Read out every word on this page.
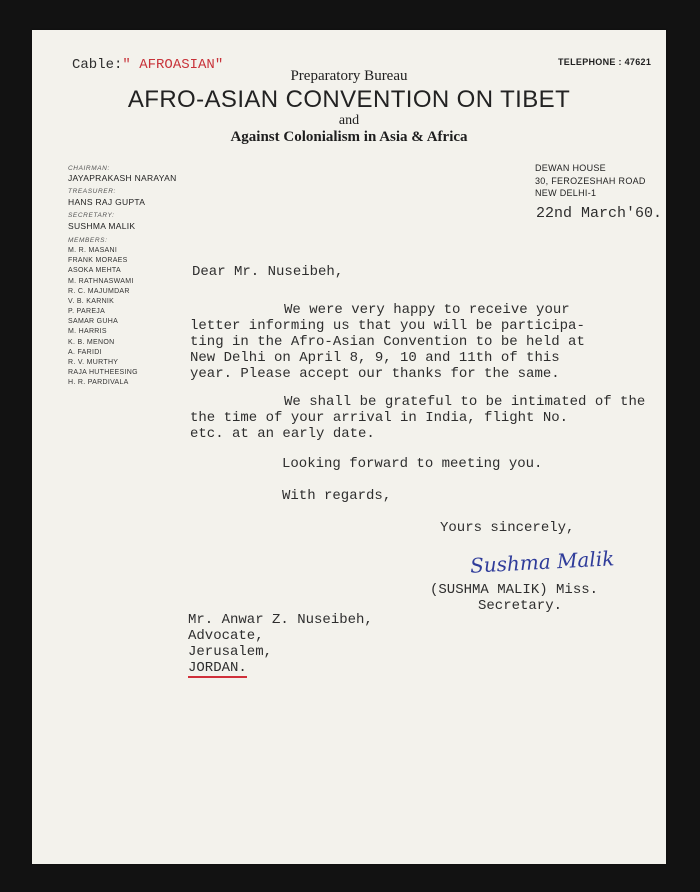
Cable:" AFROASIAN"	TELEPHONE : 47621
Preparatory Bureau
AFRO-ASIAN CONVENTION ON TIBET
and
Against Colonialism in Asia & Africa
CHAIRMAN:
JAYAPRAKASH NARAYAN
TREASURER:
HANS RAJ GUPTA
SECRETARY:
SUSHMA MALIK
MEMBERS:
M. R. MASANI
FRANK MORAES
ASOKA MEHTA
M. RATHNASWAMI
R. C. MAJUMDAR
V. B. KARNIK
P. PAREJA
SAMAR GUHA
M. HARRIS
K. B. MENON
A. FARIDI
R. V. MURTHY
RAJA HUTHEESING
H. R. PARDIVALA
DEWAN HOUSE
30, FEROZESHAH ROAD
NEW DELHI-1
22nd March'60.
Dear Mr. Nuseibeh,
We were very happy to receive your
letter informing us that you will be participa-
ting in the Afro-Asian Convention to be held at
New Delhi on April 8, 9, 10 and 11th of this
year. Please accept our thanks for the same.
We shall be grateful to be intimated of the
the time of your arrival in India, flight No.
etc. at an early date.
Looking forward to meeting you.
With regards,
Yours sincerely,
Sushma Malik
(SUSHMA MALIK) Miss.
Secretary.
Mr. Anwar Z. Nuseibeh,
Advocate,
Jerusalem,
JORDAN.
